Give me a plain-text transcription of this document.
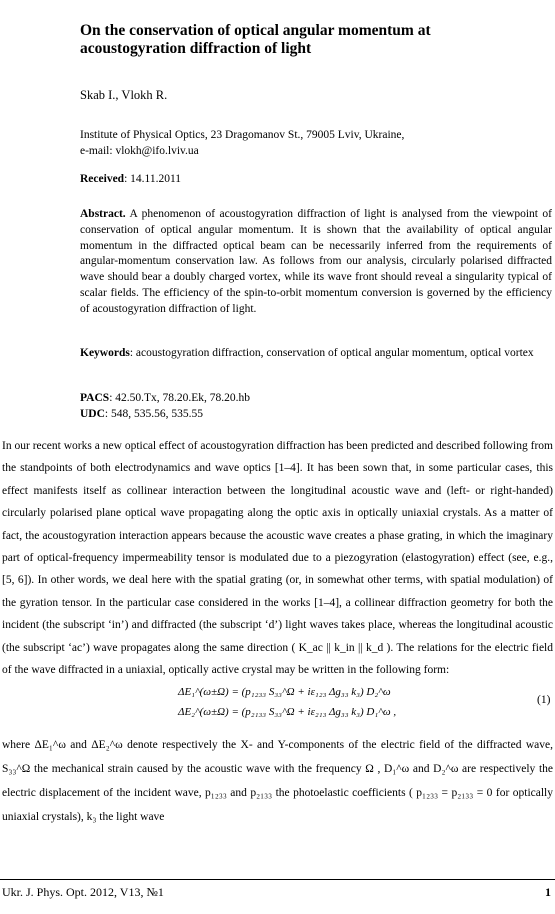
On the conservation of optical angular momentum at acoustogyration diffraction of light
Skab I., Vlokh R.
Institute of Physical Optics, 23 Dragomanov St., 79005 Lviv, Ukraine,
e-mail: vlokh@ifo.lviv.ua
Received: 14.11.2011
Abstract. A phenomenon of acoustogyration diffraction of light is analysed from the viewpoint of conservation of optical angular momentum. It is shown that the availability of optical angular momentum in the diffracted optical beam can be necessarily inferred from the requirements of angular-momentum conservation law. As follows from our analysis, circularly polarised diffracted wave should bear a doubly charged vortex, while its wave front should reveal a singularity typical of scalar fields. The efficiency of the spin-to-orbit momentum conversion is governed by the efficiency of acoustogyration diffraction of light.
Keywords: acoustogyration diffraction, conservation of optical angular momentum, optical vortex
PACS: 42.50.Tx, 78.20.Ek, 78.20.hb
UDC: 548, 535.56, 535.55
In our recent works a new optical effect of acoustogyration diffraction has been predicted and described following from the standpoints of both electrodynamics and wave optics [1–4]. It has been sown that, in some particular cases, this effect manifests itself as collinear interaction between the longitudinal acoustic wave and (left- or right-handed) circularly polarised plane optical wave propagating along the optic axis in optically uniaxial crystals. As a matter of fact, the acoustogyration interaction appears because the acoustic wave creates a phase grating, in which the imaginary part of optical-frequency impermeability tensor is modulated due to a piezogyration (elastogyration) effect (see, e.g., [5, 6]). In other words, we deal here with the spatial grating (or, in somewhat other terms, with spatial modulation) of the gyration tensor. In the particular case considered in the works [1–4], a collinear diffraction geometry for both the incident (the subscript ‘in’) and diffracted (the subscript ‘d’) light waves takes place, whereas the longitudinal acoustic (the subscript ‘ac’) wave propagates along the same direction ( K_ac || k_in || k_d ). The relations for the electric field of the wave diffracted in a uniaxial, optically active crystal may be written in the following form:
ΔE₁^(ω±Ω) = (p₁₂₃₃ S₃₃^Ω + iε₁₂₃ Δg₃₃ k₃) D₂^ω
ΔE₂^(ω±Ω) = (p₂₁₃₃ S₃₃^Ω + iε₂₁₃ Δg₃₃ k₃) D₁^ω ,
(1)
where ΔE₁^ω and ΔE₂^ω denote respectively the X- and Y-components of the electric field of the diffracted wave, S₃₃^Ω the mechanical strain caused by the acoustic wave with the frequency Ω , D₁^ω and D₂^ω are respectively the electric displacement of the incident wave, p₁₂₃₃ and p₂₁₃₃ the photoelastic coefficients ( p₁₂₃₃ = p₂₁₃₃ = 0 for optically uniaxial crystals), k₃ the light wave
Ukr. J. Phys. Opt. 2012, V13, №1	1
